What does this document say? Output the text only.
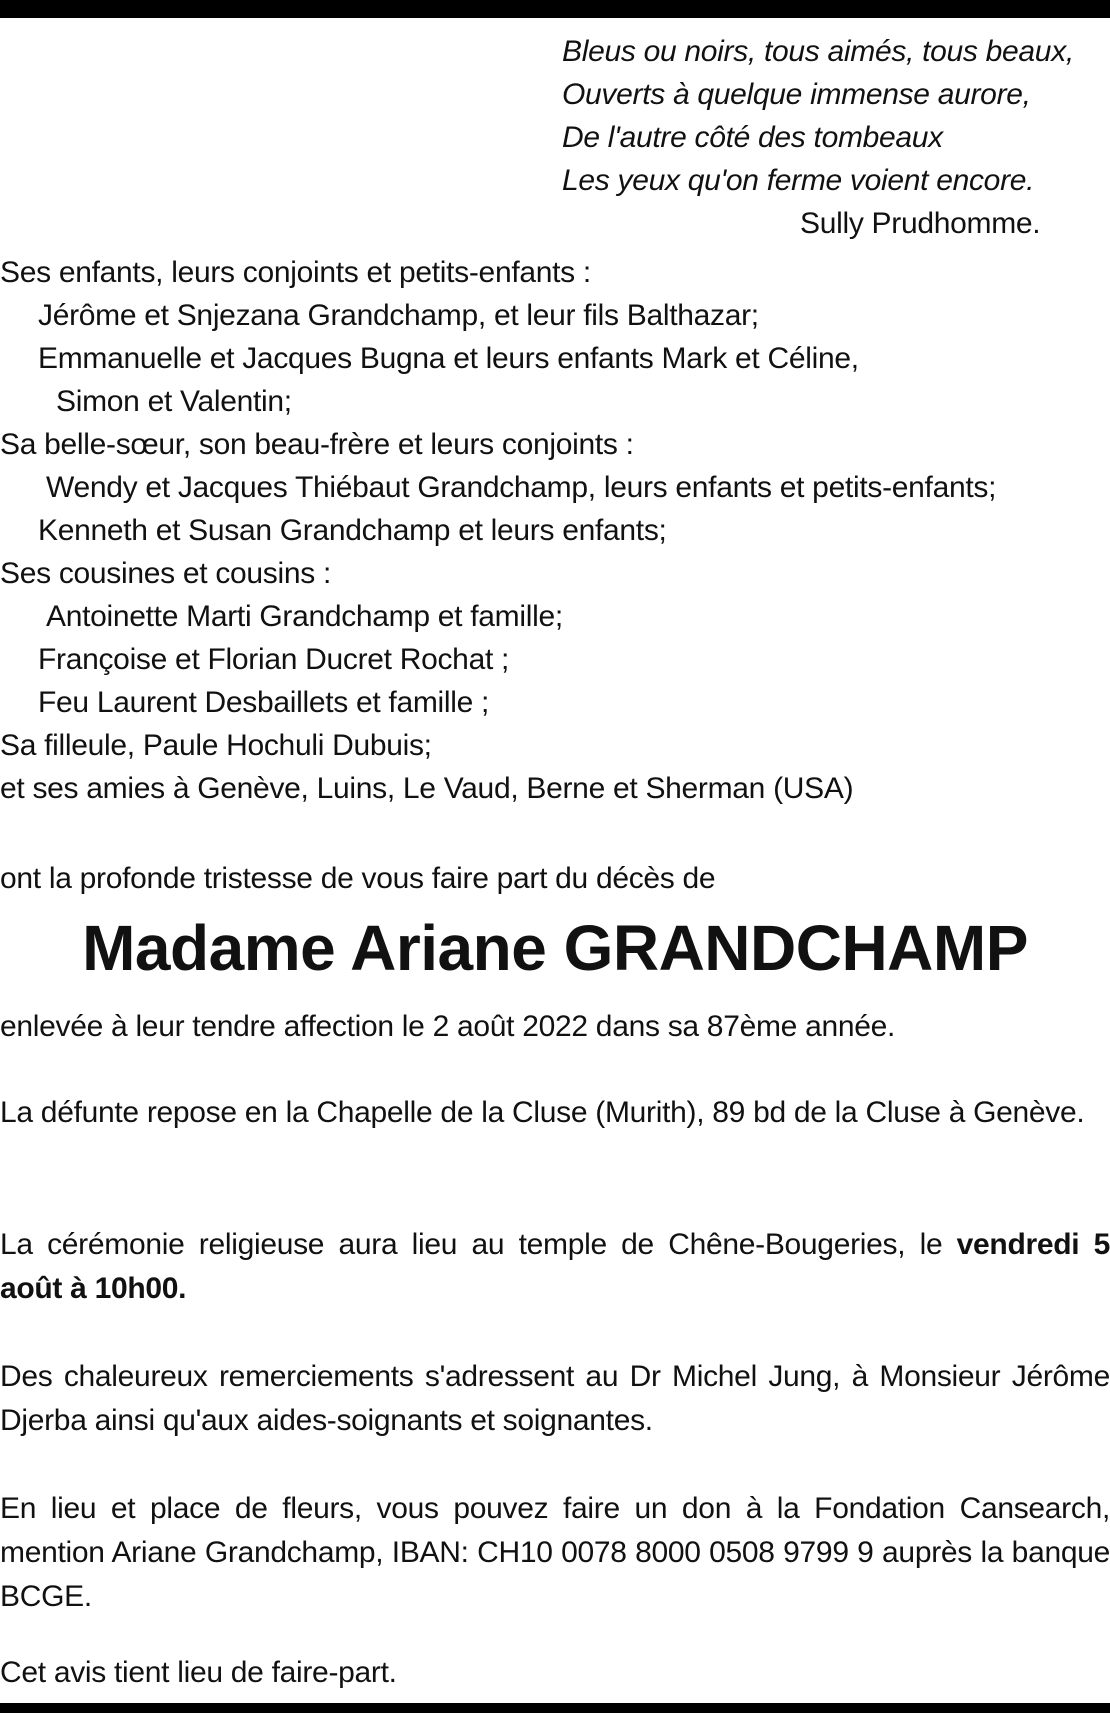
Bleus ou noirs, tous aimés, tous beaux,
Ouverts à quelque immense aurore,
De l'autre côté des tombeaux
Les yeux qu'on ferme voient encore.
Sully Prudhomme.
Ses enfants, leurs conjoints et petits-enfants :
Jérôme et Snjezana Grandchamp, et leur fils Balthazar;
Emmanuelle et Jacques Bugna et leurs enfants Mark et Céline,
Simon et Valentin;
Sa belle-sœur, son beau-frère et leurs conjoints :
Wendy et Jacques Thiébaut Grandchamp, leurs enfants et petits-enfants;
Kenneth et Susan Grandchamp et leurs enfants;
Ses cousines et cousins :
Antoinette Marti Grandchamp et famille;
Françoise et Florian Ducret Rochat ;
Feu Laurent Desbaillets et famille ;
Sa filleule, Paule Hochuli Dubuis;
et ses amies à Genève, Luins, Le Vaud, Berne et Sherman (USA)
ont la profonde tristesse de vous faire part du décès de
Madame Ariane GRANDCHAMP
enlevée à leur tendre affection le 2 août 2022 dans sa 87ème année.
La défunte repose en la Chapelle de la Cluse (Murith), 89 bd de la Cluse à Genève.
La cérémonie religieuse aura lieu au temple de Chêne-Bougeries, le vendredi 5 août à 10h00.
Des chaleureux remerciements s'adressent au Dr Michel Jung, à Monsieur Jérôme Djerba ainsi qu'aux aides-soignants et soignantes.
En lieu et place de fleurs, vous pouvez faire un don à la Fondation Cansearch, mention Ariane Grandchamp, IBAN: CH10 0078 8000 0508 9799 9 auprès la banque BCGE.
Cet avis tient lieu de faire-part.
